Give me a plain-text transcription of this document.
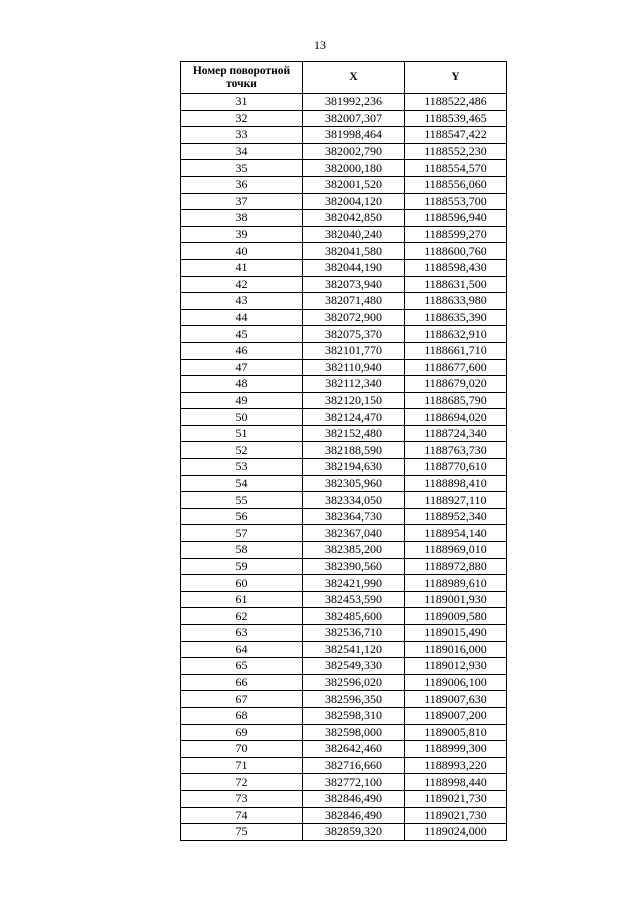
13
Номер поворотной точки	X	Y
31	381992,236	1188522,486
32	382007,307	1188539,465
33	381998,464	1188547,422
34	382002,790	1188552,230
35	382000,180	1188554,570
36	382001,520	1188556,060
37	382004,120	1188553,700
38	382042,850	1188596,940
39	382040,240	1188599,270
40	382041,580	1188600,760
41	382044,190	1188598,430
42	382073,940	1188631,500
43	382071,480	1188633,980
44	382072,900	1188635,390
45	382075,370	1188632,910
46	382101,770	1188661,710
47	382110,940	1188677,600
48	382112,340	1188679,020
49	382120,150	1188685,790
50	382124,470	1188694,020
51	382152,480	1188724,340
52	382188,590	1188763,730
53	382194,630	1188770,610
54	382305,960	1188898,410
55	382334,050	1188927,110
56	382364,730	1188952,340
57	382367,040	1188954,140
58	382385,200	1188969,010
59	382390,560	1188972,880
60	382421,990	1188989,610
61	382453,590	1189001,930
62	382485,600	1189009,580
63	382536,710	1189015,490
64	382541,120	1189016,000
65	382549,330	1189012,930
66	382596,020	1189006,100
67	382596,350	1189007,630
68	382598,310	1189007,200
69	382598,000	1189005,810
70	382642,460	1188999,300
71	382716,660	1188993,220
72	382772,100	1188998,440
73	382846,490	1189021,730
74	382846,490	1189021,730
75	382859,320	1189024,000
